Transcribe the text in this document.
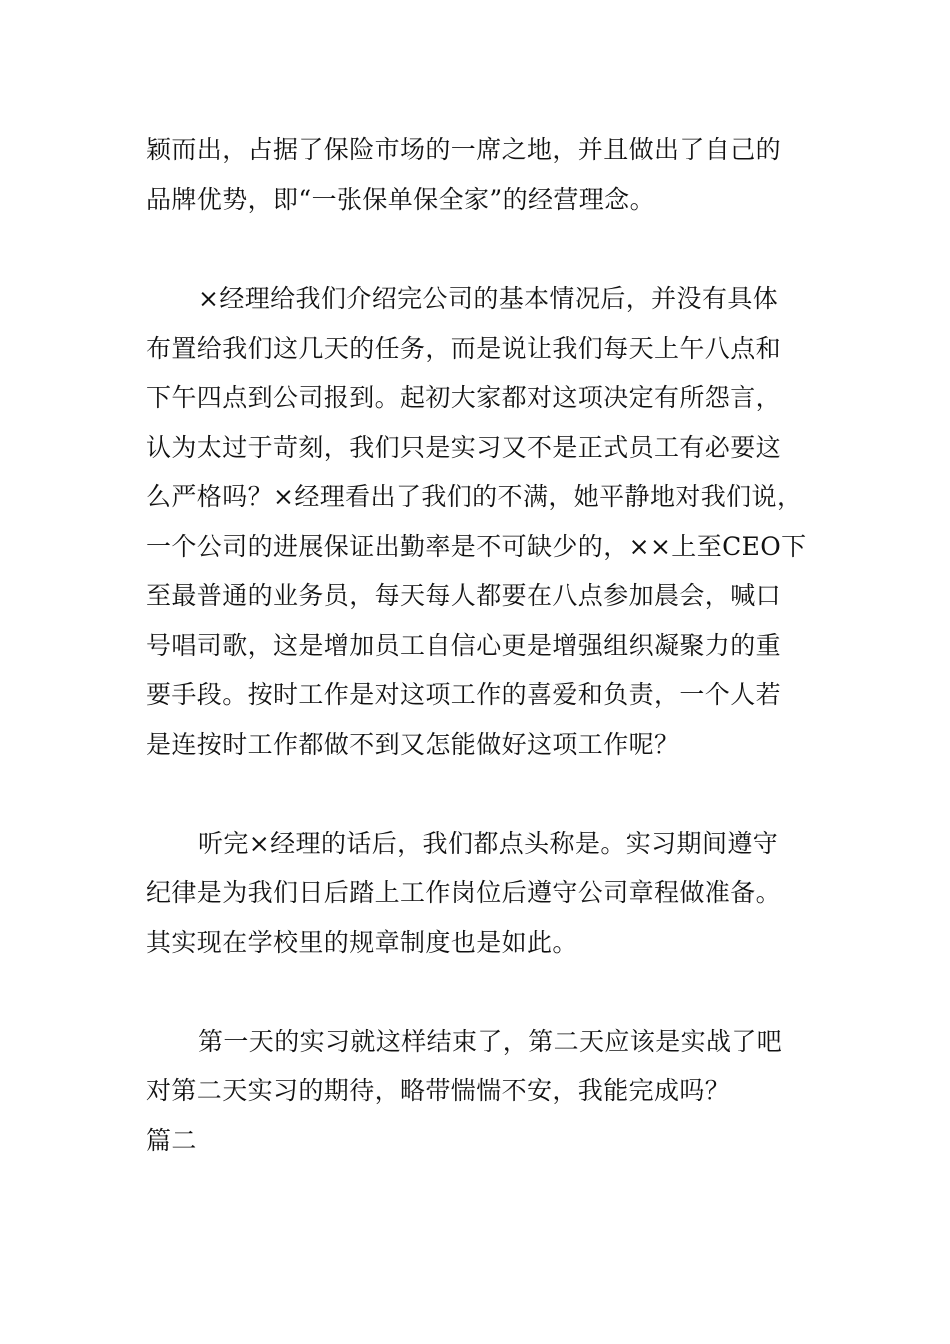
颖而出，占据了保险市场的一席之地，并且做出了自己的
品牌优势，即“一张保单保全家”的经营理念。
×经理给我们介绍完公司的基本情况后，并没有具体
布置给我们这几天的任务，而是说让我们每天上午八点和
下午四点到公司报到。起初大家都对这项决定有所怨言，
认为太过于苛刻，我们只是实习又不是正式员工有必要这
么严格吗？×经理看出了我们的不满，她平静地对我们说，
一个公司的进展保证出勤率是不可缺少的，××上至CEO下
至最普通的业务员，每天每人都要在八点参加晨会，喊口
号唱司歌，这是增加员工自信心更是增强组织凝聚力的重
要手段。按时工作是对这项工作的喜爱和负责，一个人若
是连按时工作都做不到又怎能做好这项工作呢？
听完×经理的话后，我们都点头称是。实习期间遵守
纪律是为我们日后踏上工作岗位后遵守公司章程做准备。
其实现在学校里的规章制度也是如此。
第一天的实习就这样结束了，第二天应该是实战了吧
对第二天实习的期待，略带惴惴不安，我能完成吗？
篇二
